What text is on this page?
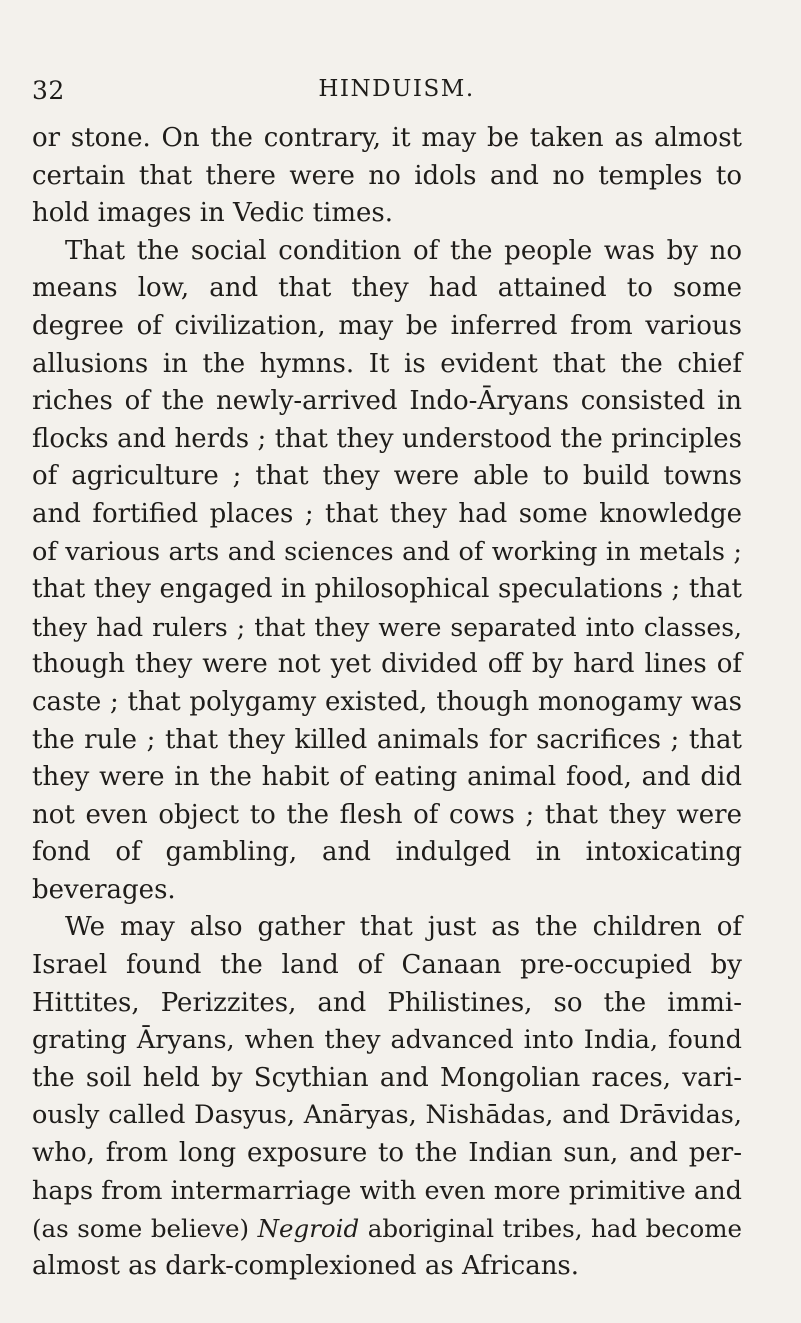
32	HINDUISM.
or stone. On the contrary, it may be taken as almost
certain that there were no idols and no temples to
hold images in Vedic times.
That the social condition of the people was by no
means low, and that they had attained to some
degree of civilization, may be inferred from various
allusions in the hymns. It is evident that the chief
riches of the newly-arrived Indo-Āryans consisted in
flocks and herds ; that they understood the principles
of agriculture ; that they were able to build towns
and fortified places ; that they had some knowledge
of various arts and sciences and of working in metals ;
that they engaged in philosophical speculations ; that
they had rulers ; that they were separated into classes,
though they were not yet divided off by hard lines of
caste ; that polygamy existed, though monogamy was
the rule ; that they killed animals for sacrifices ; that
they were in the habit of eating animal food, and did
not even object to the flesh of cows ; that they were
fond of gambling, and indulged in intoxicating
beverages.
We may also gather that just as the children of
Israel found the land of Canaan pre-occupied by
Hittites, Perizzites, and Philistines, so the immi-
grating Āryans, when they advanced into India, found
the soil held by Scythian and Mongolian races, vari-
ously called Dasyus, Anāryas, Nishādas, and Drāvidas,
who, from long exposure to the Indian sun, and per-
haps from intermarriage with even more primitive and
(as some believe) Negroid aboriginal tribes, had become
almost as dark-complexioned as Africans.
